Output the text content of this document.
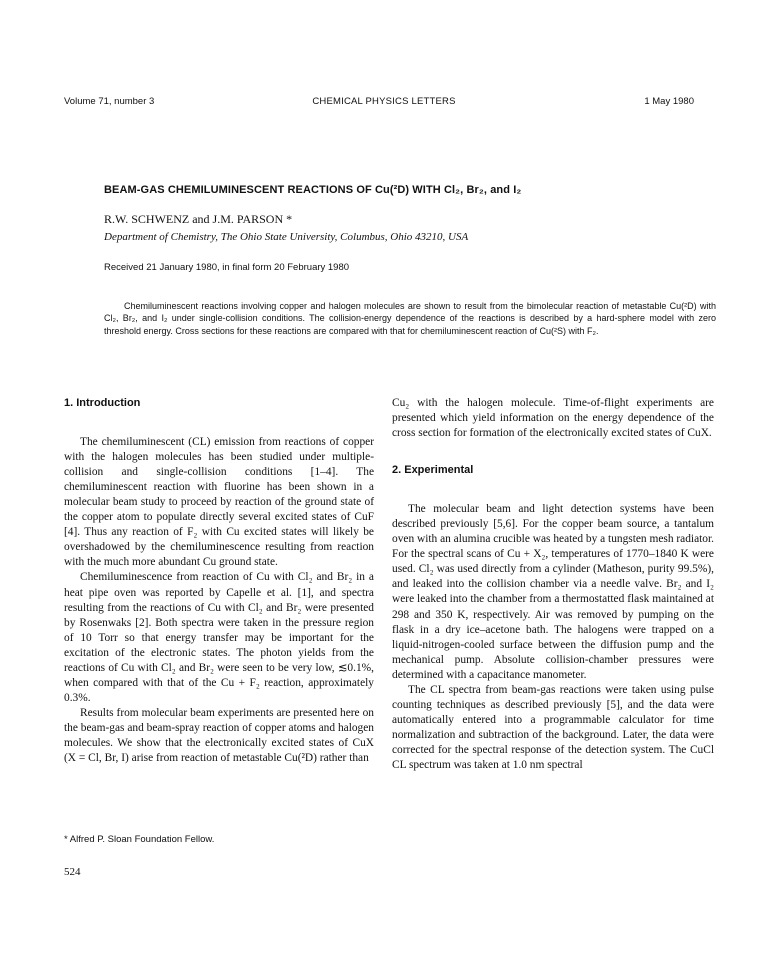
Volume 71, number 3	CHEMICAL PHYSICS LETTERS	1 May 1980
BEAM-GAS CHEMILUMINESCENT REACTIONS OF Cu(²D) WITH Cl₂, Br₂, and I₂
R.W. SCHWENZ and J.M. PARSON *
Department of Chemistry, The Ohio State University, Columbus, Ohio 43210, USA
Received 21 January 1980, in final form 20 February 1980
Chemiluminescent reactions involving copper and halogen molecules are shown to result from the bimolecular reaction of metastable Cu(²D) with Cl₂, Br₂, and I₂ under single-collision conditions. The collision-energy dependence of the reactions is described by a hard-sphere model with zero threshold energy. Cross sections for these reactions are compared with that for chemiluminescent reaction of Cu(²S) with F₂.
1. Introduction

The chemiluminescent (CL) emission from reactions of copper with the halogen molecules has been studied under multiple-collision and single-collision conditions [1–4]. The chemiluminescent reaction with fluorine has been shown in a molecular beam study to proceed by reaction of the ground state of the copper atom to populate directly several excited states of CuF [4]. Thus any reaction of F₂ with Cu excited states will likely be overshadowed by the chemiluminescence resulting from reaction with the much more abundant Cu ground state.

Chemiluminescence from reaction of Cu with Cl₂ and Br₂ in a heat pipe oven was reported by Capelle et al. [1], and spectra resulting from the reactions of Cu with Cl₂ and Br₂ were presented by Rosenwaks [2]. Both spectra were taken in the pressure region of 10 Torr so that energy transfer may be important for the excitation of the electronic states. The photon yields from the reactions of Cu with Cl₂ and Br₂ were seen to be very low, ≲0.1%, when compared with that of the Cu + F₂ reaction, approximately 0.3%.

Results from molecular beam experiments are presented here on the beam-gas and beam-spray reaction of copper atoms and halogen molecules. We show that the electronically excited states of CuX (X = Cl, Br, I) arise from reaction of metastable Cu(²D) rather than

Cu₂ with the halogen molecule. Time-of-flight experiments are presented which yield information on the energy dependence of the cross section for formation of the electronically excited states of CuX.

2. Experimental

The molecular beam and light detection systems have been described previously [5,6]. For the copper beam source, a tantalum oven with an alumina crucible was heated by a tungsten mesh radiator. For the spectral scans of Cu + X₂, temperatures of 1770–1840 K were used. Cl₂ was used directly from a cylinder (Matheson, purity 99.5%), and leaked into the collision chamber via a needle valve. Br₂ and I₂ were leaked into the chamber from a thermostatted flask maintained at 298 and 350 K, respectively. Air was removed by pumping on the flask in a dry ice–acetone bath. The halogens were trapped on a liquid-nitrogen-cooled surface between the diffusion pump and the mechanical pump. Absolute collision-chamber pressures were determined with a capacitance manometer.

The CL spectra from beam-gas reactions were taken using pulse counting techniques as described previously [5], and the data were automatically entered into a programmable calculator for time normalization and subtraction of the background. Later, the data were corrected for the spectral response of the detection system. The CuCl CL spectrum was taken at 1.0 nm spectral

* Alfred P. Sloan Foundation Fellow.
524
